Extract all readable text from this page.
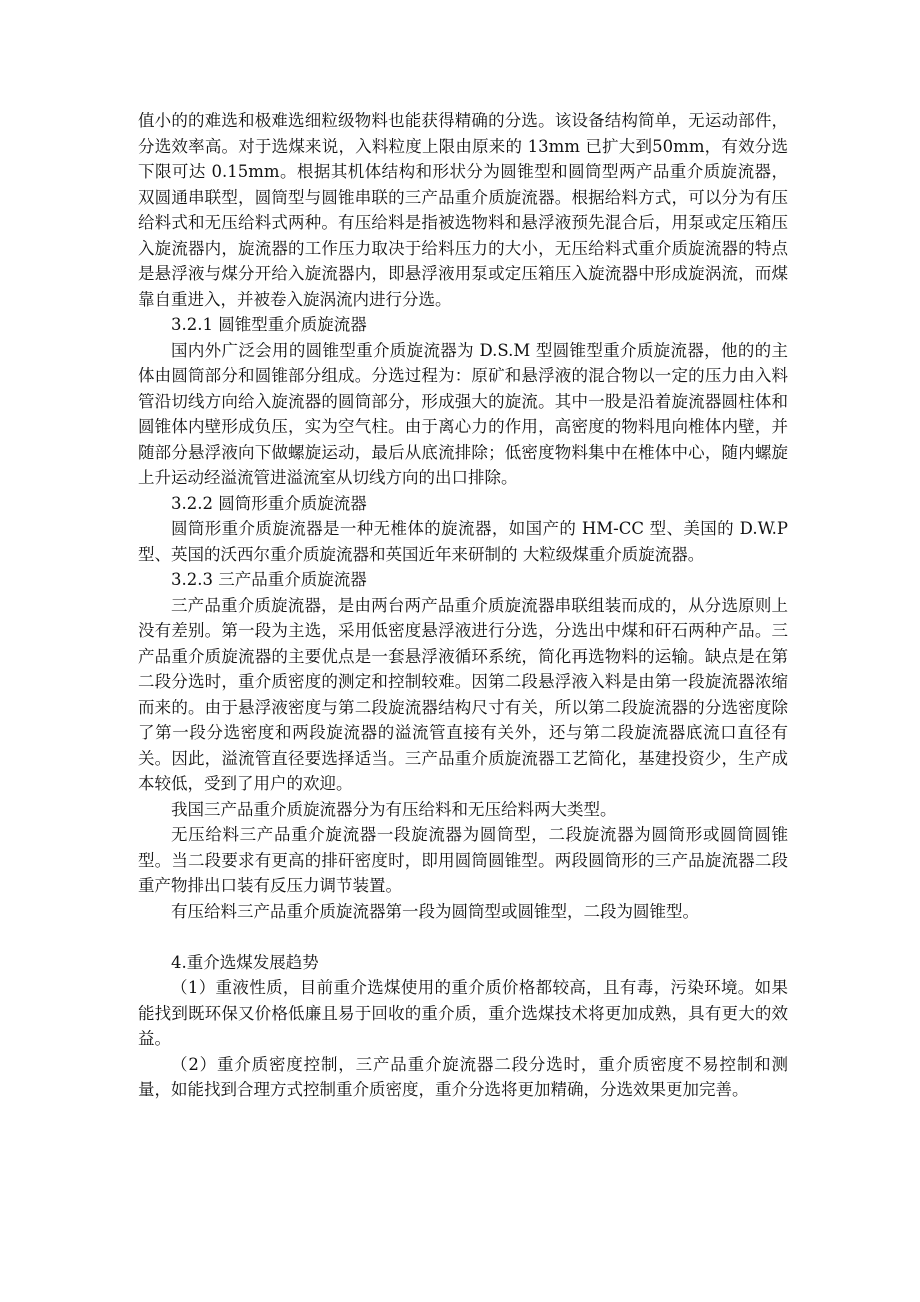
值小的的难选和极难选细粒级物料也能获得精确的分选。该设备结构简单，无运动部件，分选效率高。对于选煤来说，入料粒度上限由原来的 13mm 已扩大到50mm，有效分选下限可达 0.15mm。根据其机体结构和形状分为圆锥型和圆筒型两产品重介质旋流器，双圆通串联型，圆筒型与圆锥串联的三产品重介质旋流器。根据给料方式，可以分为有压给料式和无压给料式两种。有压给料是指被选物料和悬浮液预先混合后，用泵或定压箱压入旋流器内，旋流器的工作压力取决于给料压力的大小，无压给料式重介质旋流器的特点是悬浮液与煤分开给入旋流器内，即悬浮液用泵或定压箱压入旋流器中形成旋涡流，而煤靠自重进入，并被卷入旋涡流内进行分选。

3.2.1 圆锥型重介质旋流器

国内外广泛会用的圆锥型重介质旋流器为 D.S.M 型圆锥型重介质旋流器，他的的主体由圆筒部分和圆锥部分组成。分选过程为：原矿和悬浮液的混合物以一定的压力由入料管沿切线方向给入旋流器的圆筒部分，形成强大的旋流。其中一股是沿着旋流器圆柱体和圆锥体内壁形成负压，实为空气柱。由于离心力的作用，高密度的物料甩向椎体内壁，并随部分悬浮液向下做螺旋运动，最后从底流排除；低密度物料集中在椎体中心，随内螺旋上升运动经溢流管进溢流室从切线方向的出口排除。

3.2.2 圆筒形重介质旋流器

圆筒形重介质旋流器是一种无椎体的旋流器，如国产的 HM-CC 型、美国的 D.W.P 型、英国的沃西尔重介质旋流器和英国近年来研制的 大粒级煤重介质旋流器。

3.2.3 三产品重介质旋流器

三产品重介质旋流器，是由两台两产品重介质旋流器串联组装而成的，从分选原则上没有差别。第一段为主选，采用低密度悬浮液进行分选，分选出中煤和矸石两种产品。三产品重介质旋流器的主要优点是一套悬浮液循环系统，简化再选物料的运输。缺点是在第二段分选时，重介质密度的测定和控制较难。因第二段悬浮液入料是由第一段旋流器浓缩而来的。由于悬浮液密度与第二段旋流器结构尺寸有关，所以第二段旋流器的分选密度除了第一段分选密度和两段旋流器的溢流管直接有关外，还与第二段旋流器底流口直径有关。因此，溢流管直径要选择适当。三产品重介质旋流器工艺简化，基建投资少，生产成本较低，受到了用户的欢迎。

我国三产品重介质旋流器分为有压给料和无压给料两大类型。

无压给料三产品重介旋流器一段旋流器为圆筒型，二段旋流器为圆筒形或圆筒圆锥型。当二段要求有更高的排矸密度时，即用圆筒圆锥型。两段圆筒形的三产品旋流器二段重产物排出口装有反压力调节装置。

有压给料三产品重介质旋流器第一段为圆筒型或圆锥型，二段为圆锥型。

4.重介选煤发展趋势

（1）重液性质，目前重介选煤使用的重介质价格都较高，且有毒，污染环境。如果能找到既环保又价格低廉且易于回收的重介质，重介选煤技术将更加成熟，具有更大的效益。

（2）重介质密度控制，三产品重介旋流器二段分选时，重介质密度不易控制和测量，如能找到合理方式控制重介质密度，重介分选将更加精确，分选效果更加完善。
